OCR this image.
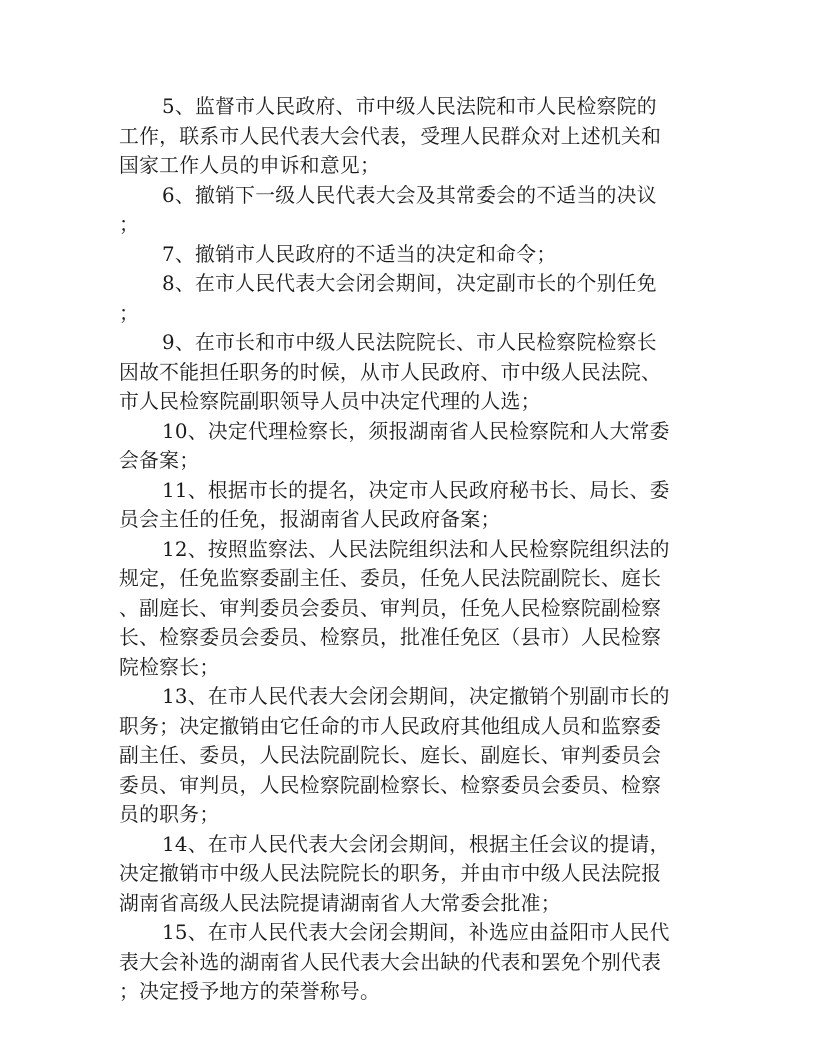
5、监督市人民政府、市中级人民法院和市人民检察院的
工作，联系市人民代表大会代表，受理人民群众对上述机关和
国家工作人员的申诉和意见；
6、撤销下一级人民代表大会及其常委会的不适当的决议
；
7、撤销市人民政府的不适当的决定和命令；
8、在市人民代表大会闭会期间，决定副市长的个别任免
；
9、在市长和市中级人民法院院长、市人民检察院检察长
因故不能担任职务的时候，从市人民政府、市中级人民法院、
市人民检察院副职领导人员中决定代理的人选；
10、决定代理检察长，须报湖南省人民检察院和人大常委
会备案；
11、根据市长的提名，决定市人民政府秘书长、局长、委
员会主任的任免，报湖南省人民政府备案；
12、按照监察法、人民法院组织法和人民检察院组织法的
规定，任免监察委副主任、委员，任免人民法院副院长、庭长
、副庭长、审判委员会委员、审判员，任免人民检察院副检察
长、检察委员会委员、检察员，批准任免区（县市）人民检察
院检察长；
13、在市人民代表大会闭会期间，决定撤销个别副市长的
职务；决定撤销由它任命的市人民政府其他组成人员和监察委
副主任、委员，人民法院副院长、庭长、副庭长、审判委员会
委员、审判员，人民检察院副检察长、检察委员会委员、检察
员的职务；
14、在市人民代表大会闭会期间，根据主任会议的提请，
决定撤销市中级人民法院院长的职务，并由市中级人民法院报
湖南省高级人民法院提请湖南省人大常委会批准；
15、在市人民代表大会闭会期间，补选应由益阳市人民代
表大会补选的湖南省人民代表大会出缺的代表和罢免个别代表
；决定授予地方的荣誉称号。
